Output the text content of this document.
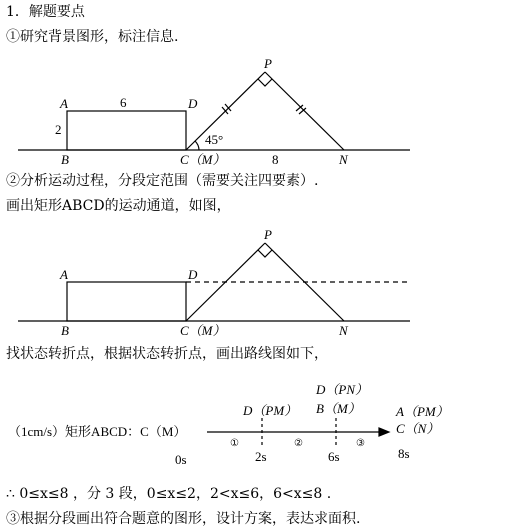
1．解题要点
①研究背景图形，标注信息.
②分析运动过程，分段定范围（需要关注四要素）.
画出矩形ABCD的运动通道，如图，
找状态转折点，根据状态转折点，画出路线图如下，
∴ 0≤x≤8 ，分 3 段，0≤x≤2，2<x≤6，6<x≤8 .
③根据分段画出符合题意的图形，设计方案，表达求面积.
A	6	D
2
B	C（M）	8	N
P
45°
A	D
B	C（M）	N
P
（1cm/s）矩形ABCD：C（M）
D（PM）
D（PN）
B（M）	A（PM）
C（N）
①	②	③
0s	2s	6s	8s
